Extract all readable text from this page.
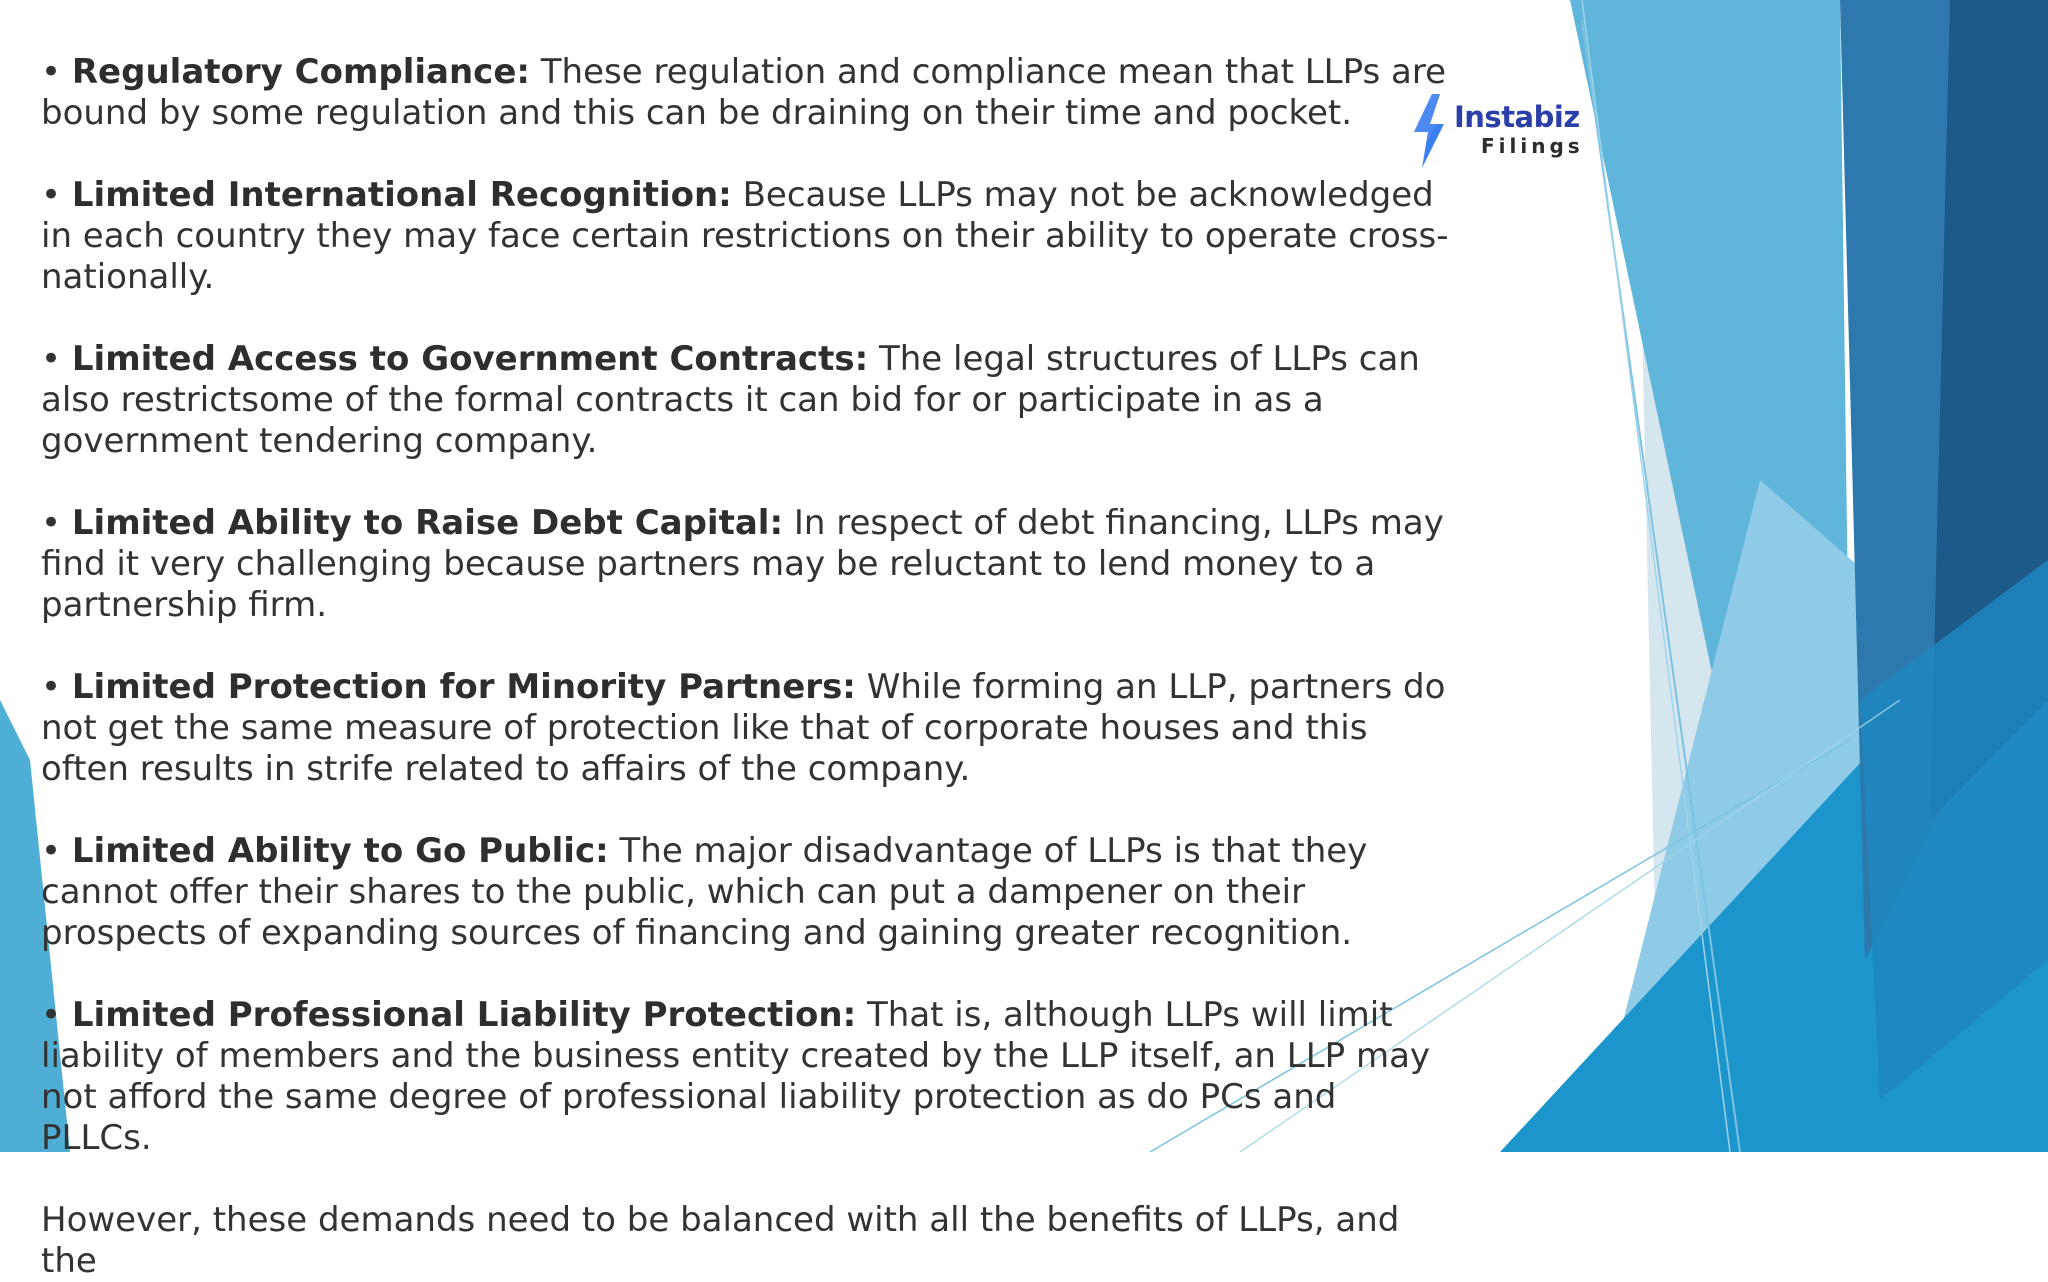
Instabiz
Filings

• Regulatory Compliance: These regulation and compliance mean that LLPs are bound by some regulation and this can be draining on their time and pocket.

• Limited International Recognition: Because LLPs may not be acknowledged in each country they may face certain restrictions on their ability to operate cross-nationally.

• Limited Access to Government Contracts: The legal structures of LLPs can also restrictsome of the formal contracts it can bid for or participate in as a government tendering company.

• Limited Ability to Raise Debt Capital: In respect of debt financing, LLPs may find it very challenging because partners may be reluctant to lend money to a partnership firm.

• Limited Protection for Minority Partners: While forming an LLP, partners do not get the same measure of protection like that of corporate houses and this often results in strife related to affairs of the company.

• Limited Ability to Go Public: The major disadvantage of LLPs is that they cannot offer their shares to the public, which can put a dampener on their prospects of expanding sources of financing and gaining greater recognition.

• Limited Professional Liability Protection: That is, although LLPs will limit liability of members and the business entity created by the LLP itself, an LLP may not afford the same degree of professional liability protection as do PCs and PLLCs.

However, these demands need to be balanced with all the benefits of LLPs, and the
